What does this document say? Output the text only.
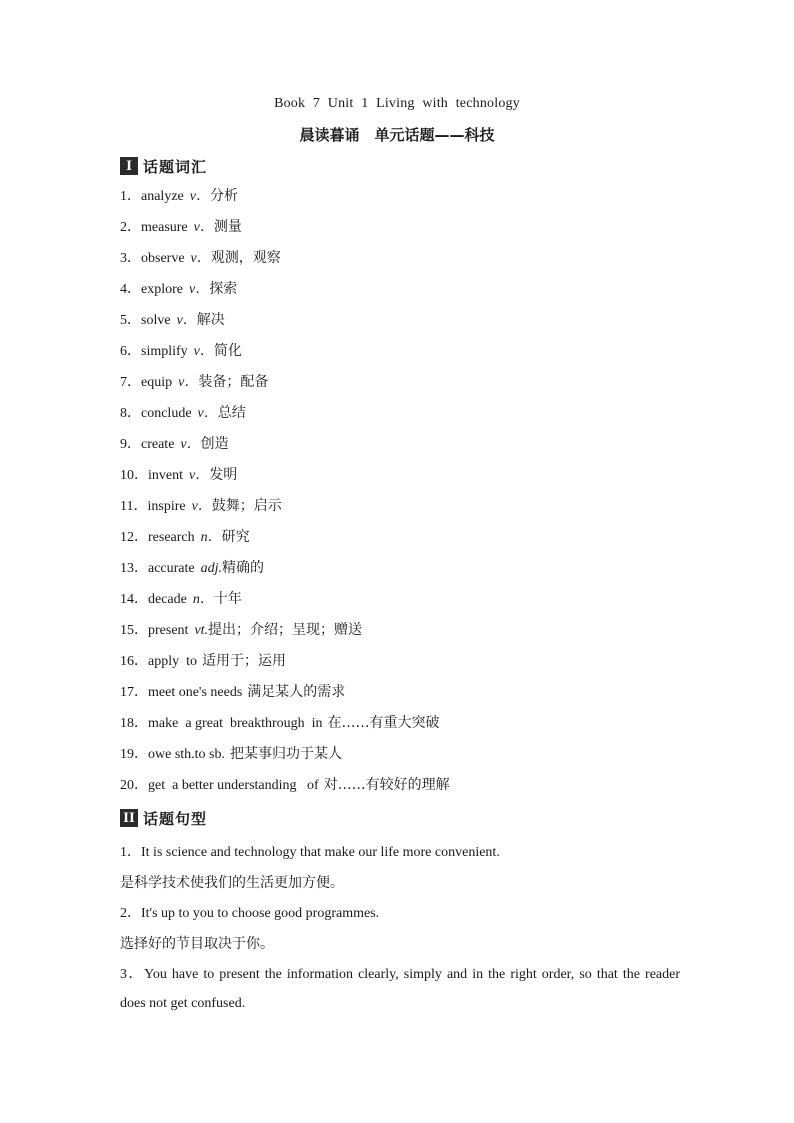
Book 7 Unit 1 Living with technology
晨读暮诵　单元话题——科技
I 话题词汇
1．analyze v．分析
2．measure v．测量
3．observe v．观测，观察
4．explore v．探索
5．solve v．解决
6．simplify v．简化
7．equip v．装备；配备
8．conclude v．总结
9．create v．创造
10．invent v．发明
11．inspire v．鼓舞；启示
12．research n．研究
13．accurate adj.精确的
14．decade n．十年
15．present vt.提出；介绍；呈现；赠送
16．apply  to 适用于；运用
17．meet one's needs 满足某人的需求
18．make  a great  breakthrough  in 在……有重大突破
19．owe sth.to sb. 把某事归功于某人
20．get  a better understanding   of 对……有较好的理解
II 话题句型
1．It is science and technology that make our life more convenient.
是科学技术使我们的生活更加方便。
2．It's up to you to choose good programmes.
选择好的节目取决于你。
3．You have to present the information clearly, simply and in the right order, so that the reader does not get confused.
